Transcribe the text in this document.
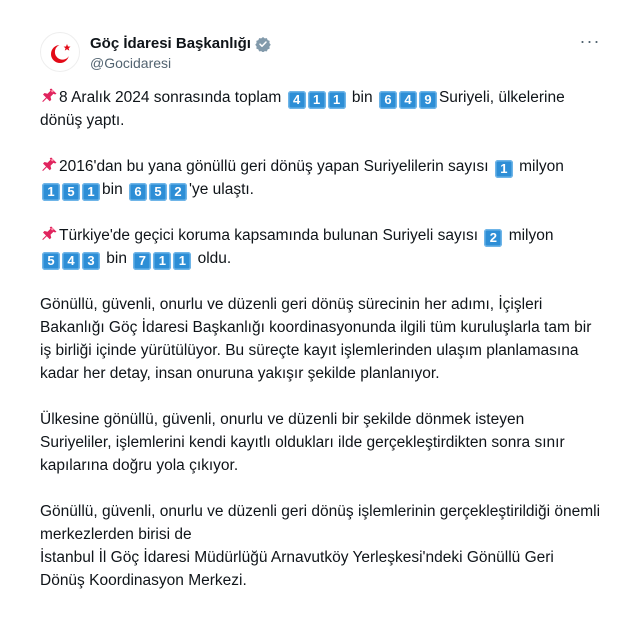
Göç İdaresi Başkanlığı
@Gocidaresi
···
8 Aralık 2024 sonrasında toplam 4 1 1 bin 6 4 9 Suriyeli, ülkelerine dönüş yaptı.
2016'dan bu yana gönüllü geri dönüş yapan Suriyelilerin sayısı 1 milyon 1 5 1 bin 6 5 2 'ye ulaştı.
Türkiye'de geçici koruma kapsamında bulunan Suriyeli sayısı 2 milyon 5 4 3 bin 7 1 1 oldu.
Gönüllü, güvenli, onurlu ve düzenli geri dönüş sürecinin her adımı, İçişleri Bakanlığı Göç İdaresi Başkanlığı koordinasyonunda ilgili tüm kuruluşlarla tam bir iş birliği içinde yürütülüyor. Bu süreçte kayıt işlemlerinden ulaşım planlamasına kadar her detay, insan onuruna yakışır şekilde planlanıyor.
Ülkesine gönüllü, güvenli, onurlu ve düzenli bir şekilde dönmek isteyen Suriyeliler, işlemlerini kendi kayıtlı oldukları ilde gerçekleştirdikten sonra sınır kapılarına doğru yola çıkıyor.
Gönüllü, güvenli, onurlu ve düzenli geri dönüş işlemlerinin gerçekleştirildiği önemli merkezlerden birisi de
İstanbul İl Göç İdaresi Müdürlüğü Arnavutköy Yerleşkesi'ndeki Gönüllü Geri Dönüş Koordinasyon Merkezi.
